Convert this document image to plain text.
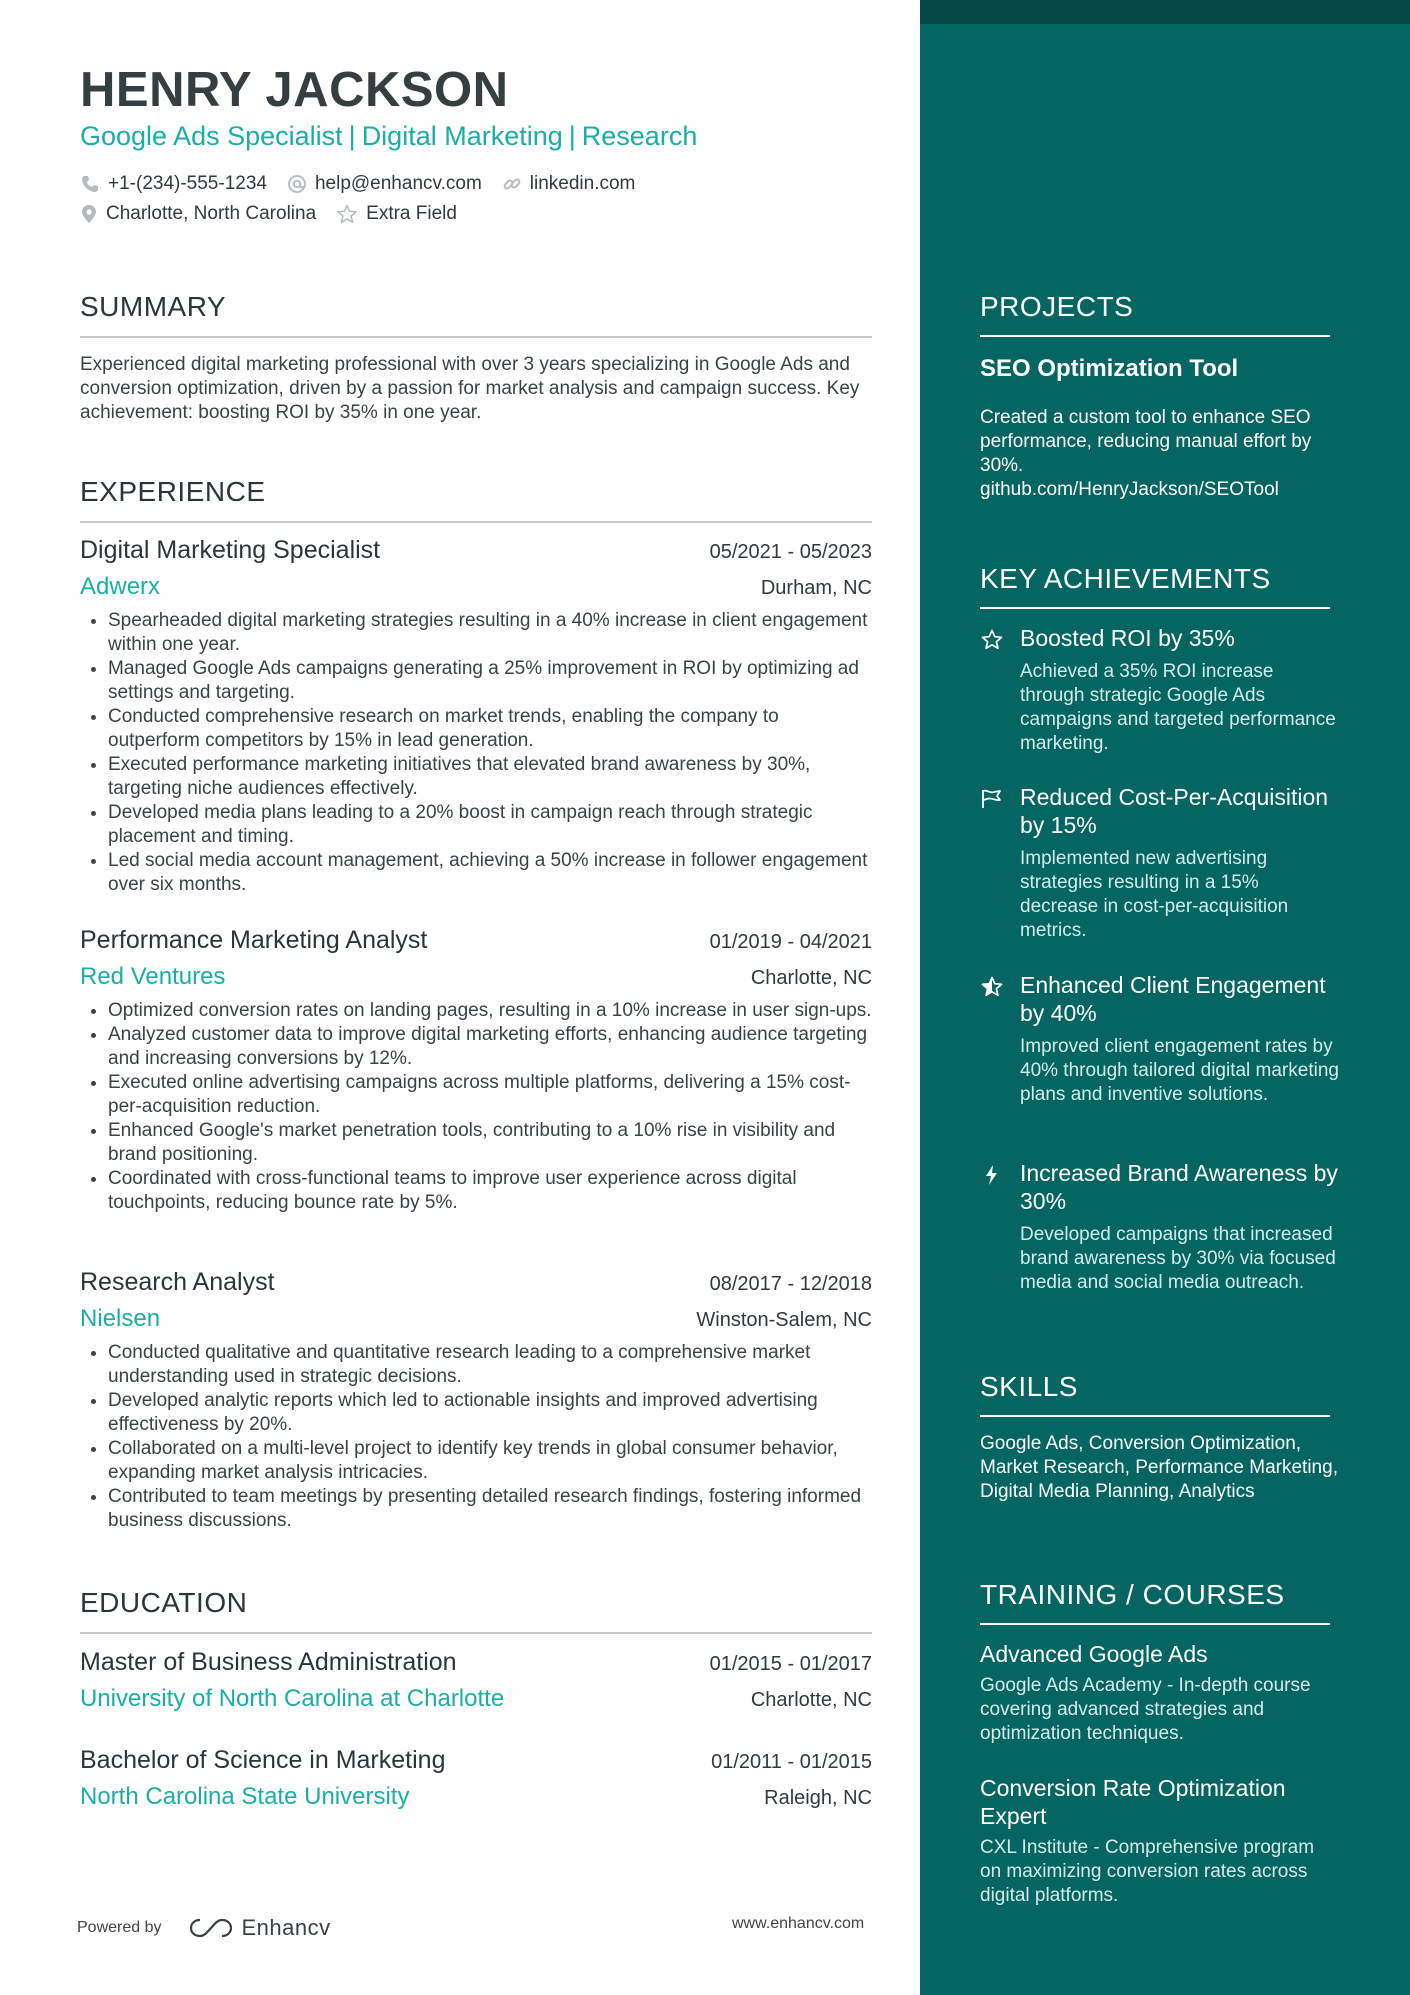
HENRY JACKSON
Google Ads Specialist | Digital Marketing | Research
+1-(234)-555-1234	help@enhancv.com	linkedin.com
Charlotte, North Carolina	Extra Field
SUMMARY

Experienced digital marketing professional with over 3 years specializing in Google Ads and conversion optimization, driven by a passion for market analysis and campaign success. Key achievement: boosting ROI by 35% in one year.

EXPERIENCE
Digital Marketing Specialist	05/2021 - 05/2023
Adwerx	Durham, NC
• Spearheaded digital marketing strategies resulting in a 40% increase in client engagement within one year.
• Managed Google Ads campaigns generating a 25% improvement in ROI by optimizing ad settings and targeting.
• Conducted comprehensive research on market trends, enabling the company to outperform competitors by 15% in lead generation.
• Executed performance marketing initiatives that elevated brand awareness by 30%, targeting niche audiences effectively.
• Developed media plans leading to a 20% boost in campaign reach through strategic placement and timing.
• Led social media account management, achieving a 50% increase in follower engagement over six months.
Performance Marketing Analyst	01/2019 - 04/2021
Red Ventures	Charlotte, NC
• Optimized conversion rates on landing pages, resulting in a 10% increase in user sign-ups.
• Analyzed customer data to improve digital marketing efforts, enhancing audience targeting and increasing conversions by 12%.
• Executed online advertising campaigns across multiple platforms, delivering a 15% cost-per-acquisition reduction.
• Enhanced Google's market penetration tools, contributing to a 10% rise in visibility and brand positioning.
• Coordinated with cross-functional teams to improve user experience across digital touchpoints, reducing bounce rate by 5%.
Research Analyst	08/2017 - 12/2018
Nielsen	Winston-Salem, NC
• Conducted qualitative and quantitative research leading to a comprehensive market understanding used in strategic decisions.
• Developed analytic reports which led to actionable insights and improved advertising effectiveness by 20%.
• Collaborated on a multi-level project to identify key trends in global consumer behavior, expanding market analysis intricacies.
• Contributed to team meetings by presenting detailed research findings, fostering informed business discussions.
EDUCATION
Master of Business Administration	01/2015 - 01/2017
University of North Carolina at Charlotte	Charlotte, NC
Bachelor of Science in Marketing	01/2011 - 01/2015
North Carolina State University	Raleigh, NC
Powered by	Enhancv	www.enhancv.com
PROJECTS
SEO Optimization Tool

Created a custom tool to enhance SEO performance, reducing manual effort by 30%.
github.com/HenryJackson/SEOTool

KEY ACHIEVEMENTS
Boosted ROI by 35%
Achieved a 35% ROI increase through strategic Google Ads campaigns and targeted performance marketing.
Reduced Cost-Per-Acquisition by 15%
Implemented new advertising strategies resulting in a 15% decrease in cost-per-acquisition metrics.
Enhanced Client Engagement by 40%
Improved client engagement rates by 40% through tailored digital marketing plans and inventive solutions.
Increased Brand Awareness by 30%
Developed campaigns that increased brand awareness by 30% via focused media and social media outreach.
SKILLS

Google Ads, Conversion Optimization, Market Research, Performance Marketing, Digital Media Planning, Analytics

TRAINING / COURSES
Advanced Google Ads
Google Ads Academy - In-depth course covering advanced strategies and optimization techniques.
Conversion Rate Optimization Expert
CXL Institute - Comprehensive program on maximizing conversion rates across digital platforms.
